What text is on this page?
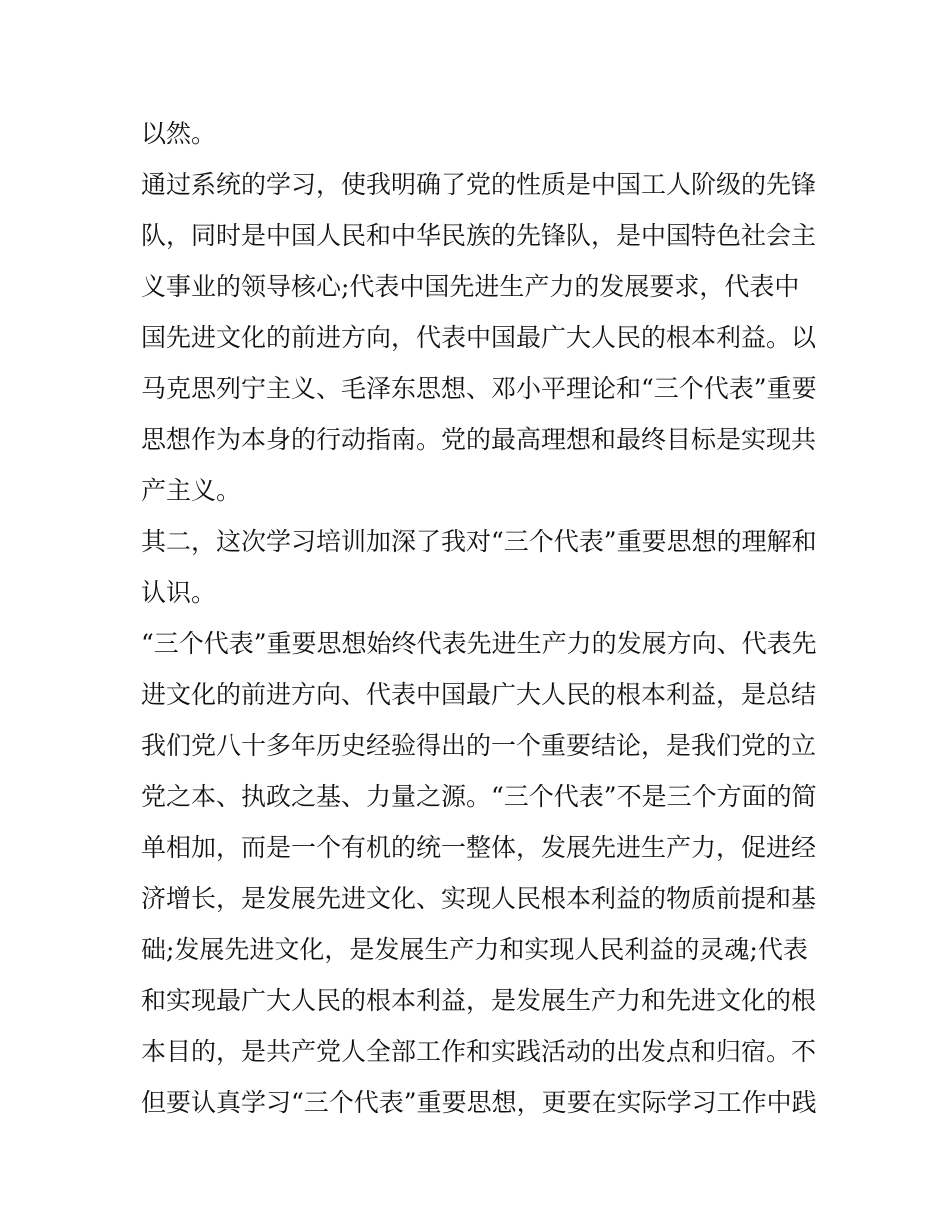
以然。
通过系统的学习，使我明确了党的性质是中国工人阶级的先锋
队，同时是中国人民和中华民族的先锋队，是中国特色社会主
义事业的领导核心;代表中国先进生产力的发展要求，代表中
国先进文化的前进方向，代表中国最广大人民的根本利益。以
马克思列宁主义、毛泽东思想、邓小平理论和“三个代表”重要
思想作为本身的行动指南。党的最高理想和最终目标是实现共
产主义。
其二，这次学习培训加深了我对“三个代表”重要思想的理解和
认识。
“三个代表”重要思想始终代表先进生产力的发展方向、代表先
进文化的前进方向、代表中国最广大人民的根本利益，是总结
我们党八十多年历史经验得出的一个重要结论，是我们党的立
党之本、执政之基、力量之源。“三个代表”不是三个方面的简
单相加，而是一个有机的统一整体，发展先进生产力，促进经
济增长，是发展先进文化、实现人民根本利益的物质前提和基
础;发展先进文化，是发展生产力和实现人民利益的灵魂;代表
和实现最广大人民的根本利益，是发展生产力和先进文化的根
本目的，是共产党人全部工作和实践活动的出发点和归宿。不
但要认真学习“三个代表”重要思想，更要在实际学习工作中践
